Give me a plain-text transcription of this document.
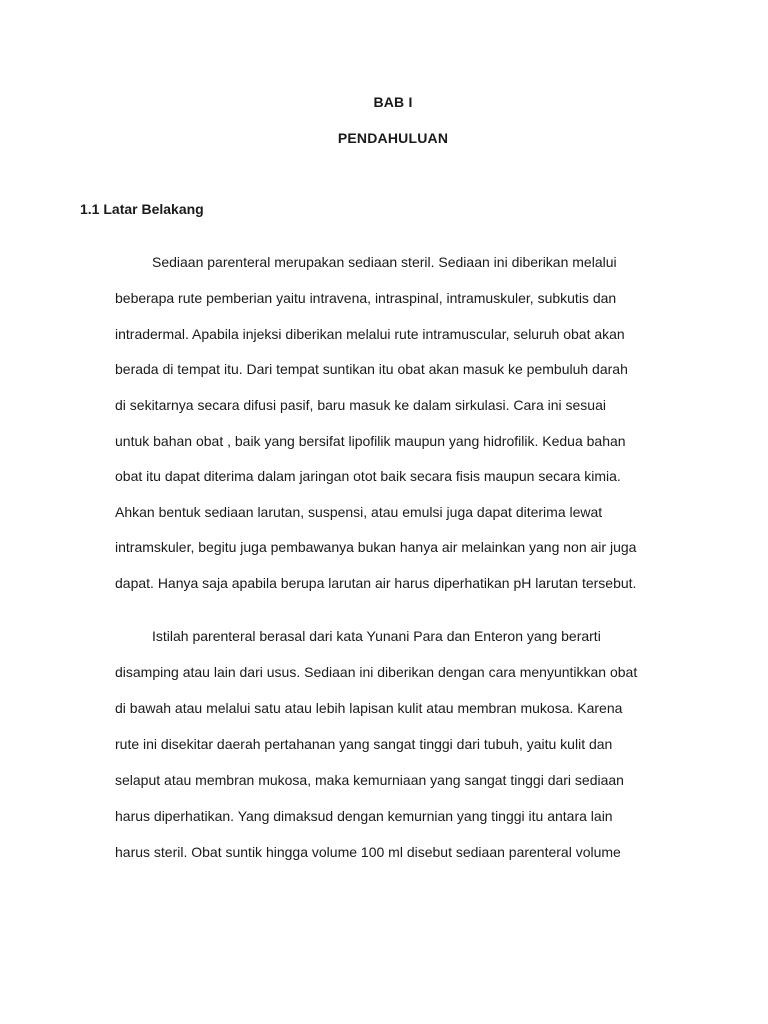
BAB I
PENDAHULUAN
1.1 Latar Belakang
Sediaan parenteral merupakan sediaan steril. Sediaan ini diberikan melalui
beberapa rute pemberian yaitu intravena, intraspinal, intramuskuler, subkutis dan
intradermal. Apabila injeksi diberikan melalui rute intramuscular, seluruh obat akan
berada di tempat itu. Dari tempat suntikan itu obat akan masuk ke pembuluh darah
di sekitarnya secara difusi pasif, baru masuk ke dalam sirkulasi. Cara ini sesuai
untuk bahan obat , baik yang bersifat lipofilik maupun yang hidrofilik. Kedua bahan
obat itu dapat diterima dalam jaringan otot baik secara fisis maupun secara kimia.
Ahkan bentuk sediaan larutan, suspensi, atau emulsi juga dapat diterima lewat
intramskuler, begitu juga pembawanya bukan hanya air melainkan yang non air juga
dapat. Hanya saja apabila berupa larutan air harus diperhatikan pH larutan tersebut.
Istilah parenteral berasal dari kata Yunani Para dan Enteron yang berarti
disamping atau lain dari usus. Sediaan ini diberikan dengan cara menyuntikkan obat
di bawah atau melalui satu atau lebih lapisan kulit atau membran mukosa. Karena
rute ini disekitar daerah pertahanan yang sangat tinggi dari tubuh, yaitu kulit dan
selaput atau membran mukosa, maka kemurniaan yang sangat tinggi dari sediaan
harus diperhatikan. Yang dimaksud dengan kemurnian yang tinggi itu antara lain
harus steril. Obat suntik hingga volume 100 ml disebut sediaan parenteral volume
